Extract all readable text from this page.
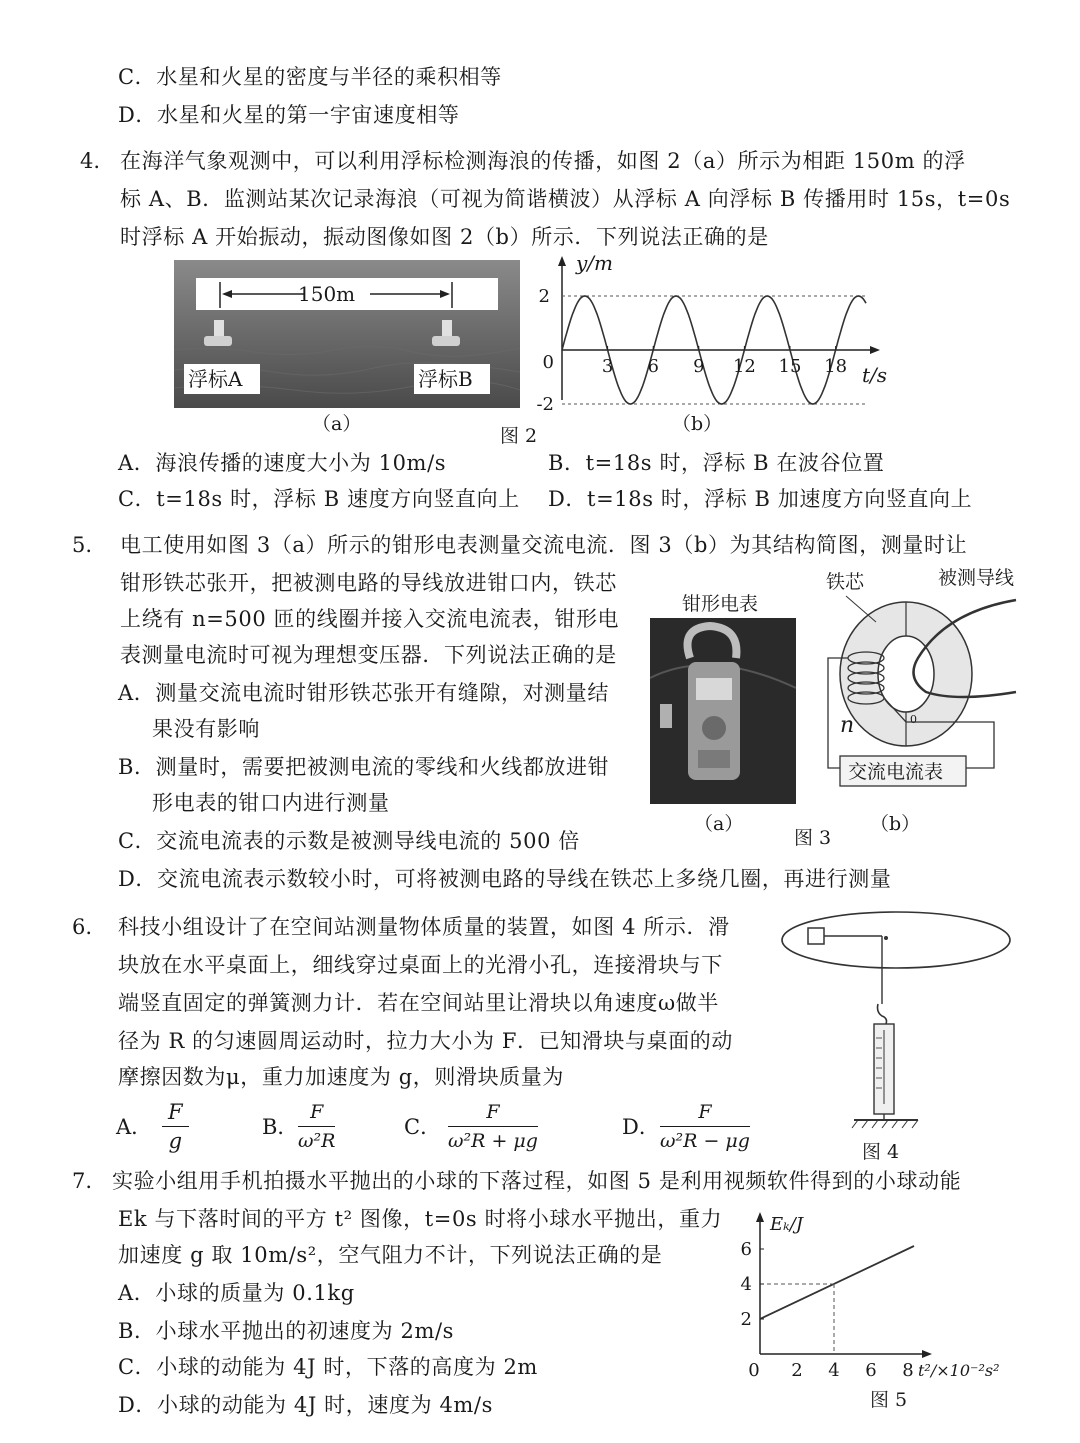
C．水星和火星的密度与半径的乘积相等
D．水星和火星的第一宇宙速度相等
4. 在海洋气象观测中，可以利用浮标检测海浪的传播，如图 2（a）所示为相距 150m 的浮
标 A、B．监测站某次记录海浪（可视为简谐横波）从浮标 A 向浮标 B 传播用时 15s，t=0s
时浮标 A 开始振动，振动图像如图 2（b）所示．下列说法正确的是
150m
浮标A	浮标B
（a）
3 6 9 12 15 18
2
0
-2
y/m
t/s
（b）
图 2
A．海浪传播的速度大小为 10m/s	B．t=18s 时，浮标 B 在波谷位置
C．t=18s 时，浮标 B 速度方向竖直向上 D．t=18s 时，浮标 B 加速度方向竖直向上
5. 电工使用如图 3（a）所示的钳形电表测量交流电流．图 3（b）为其结构简图，测量时让
钳形铁芯张开，把被测电路的导线放进钳口内，铁芯
上绕有 n=500 匝的线圈并接入交流电流表，钳形电
表测量电流时可视为理想变压器．下列说法正确的是
A．测量交流电流时钳形铁芯张开有缝隙，对测量结
果没有影响
B．测量时，需要把被测电流的零线和火线都放进钳
形电表的钳口内进行测量
C．交流电流表的示数是被测导线电流的 500 倍
D．交流电流表示数较小时，可将被测电路的导线在铁芯上多绕几圈，再进行测量
钳形电表
（a）
图 3
铁芯	被测导线
n	0
交流电流表
（b）
6. 科技小组设计了在空间站测量物体质量的装置，如图 4 所示．滑
块放在水平桌面上，细线穿过桌面上的光滑小孔，连接滑块与下
端竖直固定的弹簧测力计．若在空间站里让滑块以角速度ω做半
径为 R 的匀速圆周运动时，拉力大小为 F．已知滑块与桌面的动
摩擦因数为μ，重力加速度为 g，则滑块质量为
A． $\frac{F}{g}$	B． $\frac{F}{\text{ω²R}}$	C． $\frac{F}{\text{ω²R + μg}}$	D． $\frac{F}{\text{ω²R − μg}}$	图 4
7. 实验小组用手机拍摄水平抛出的小球的下落过程，如图 5 是利用视频软件得到的小球动能
Ek 与下落时间的平方 t² 图像，t=0s 时将小球水平抛出，重力
加速度 g 取 10m/s²，空气阻力不计，下列说法正确的是
A．小球的质量为 0.1kg
B．小球水平抛出的初速度为 2m/s
C．小球的动能为 4J 时，下落的高度为 2m
D．小球的动能为 4J 时，速度为 4m/s
0 2 4 6 8
2
4
6
Eₖ/J
t²/×10⁻²s²
图 5
